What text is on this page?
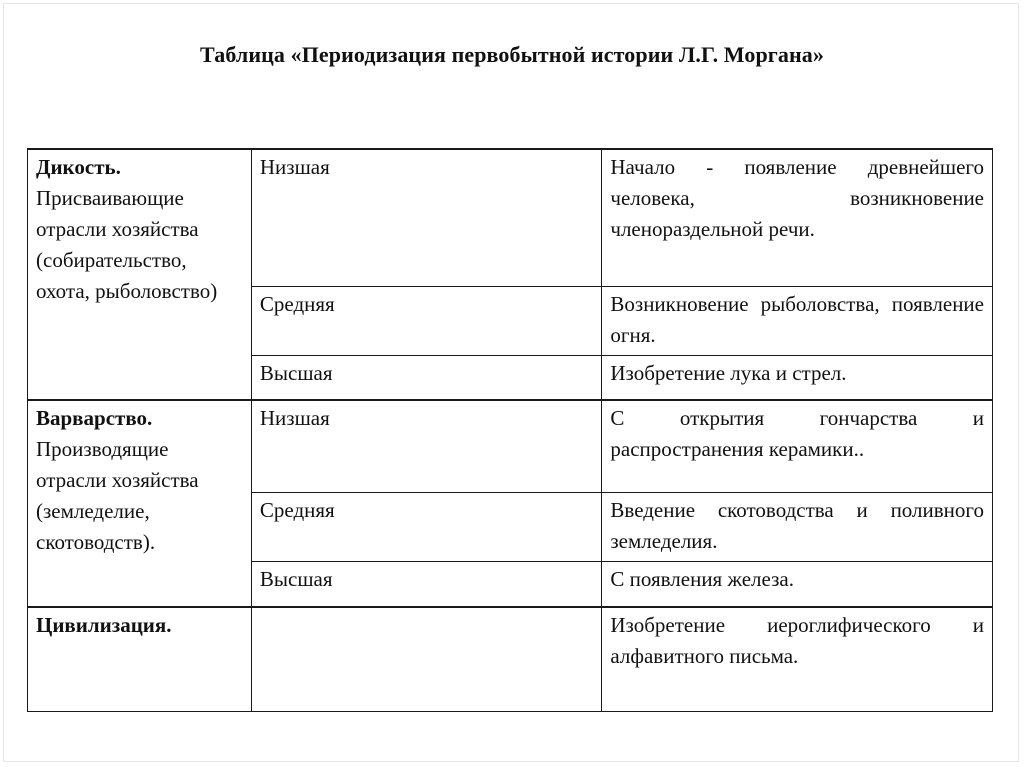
Таблица «Периодизация первобытной истории Л.Г. Моргана»
Дикость.
Присваивающие отрасли хозяйства (собирательство, охота, рыболовство)	Низшая	Начало - появление древнейшего человека, возникновение членораздельной речи.

	Средняя	Возникновение рыболовства, появление огня.

	Высшая	Изобретение лука и стрел.

Варварство.
Производящие отрасли хозяйства (земледелие, скотоводств).	Низшая	С открытия гончарства и распространения керамики..

	Средняя	Введение скотоводства и поливного земледелия.

	Высшая	С появления железа.

Цивилизация.		Изобретение иероглифического и алфавитного письма.
